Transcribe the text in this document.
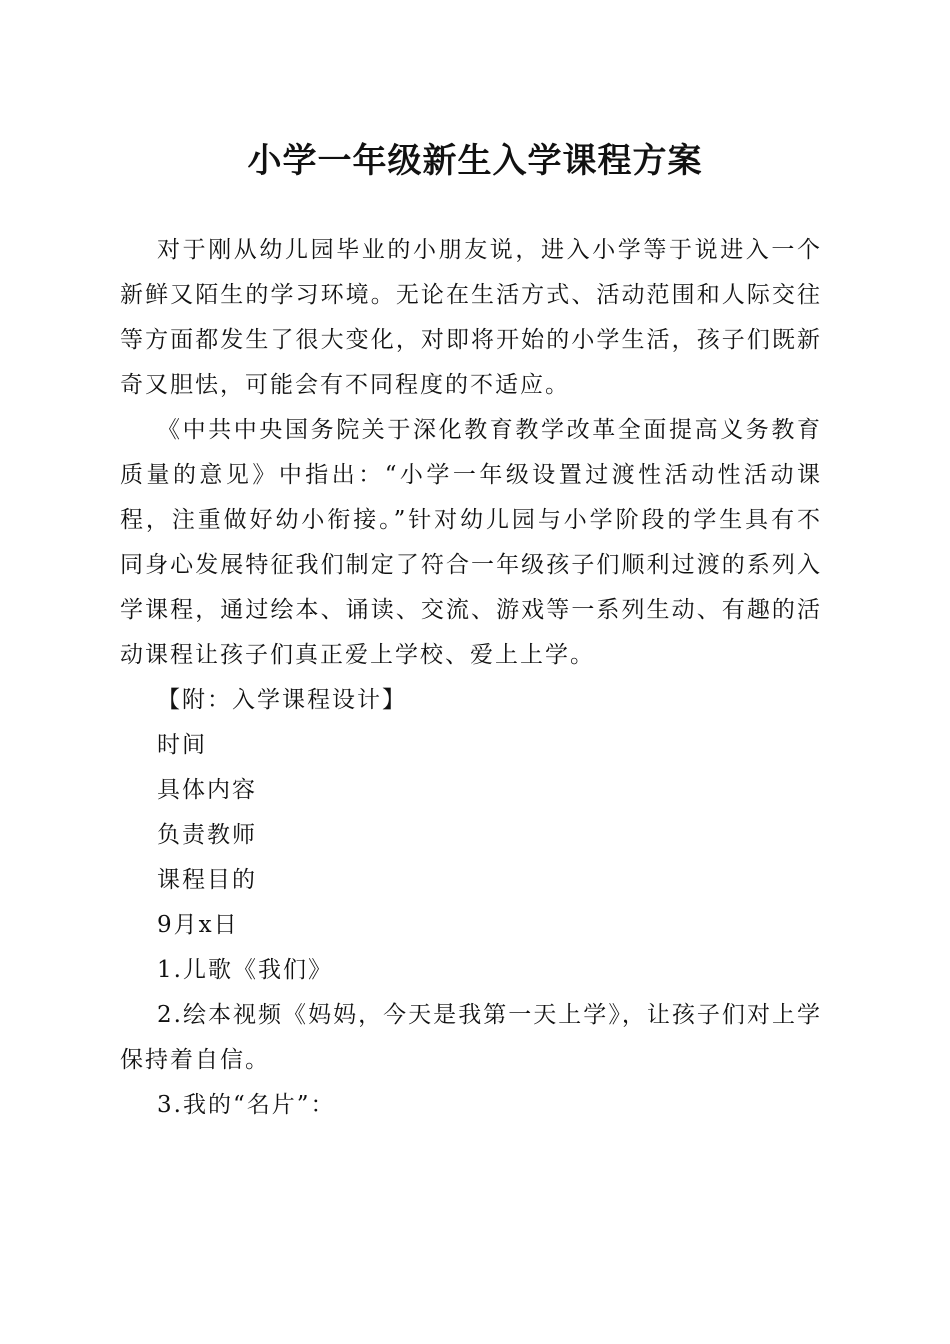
小学一年级新生入学课程方案

对于刚从幼儿园毕业的小朋友说，进入小学等于说进入一个新鲜又陌生的学习环境。无论在生活方式、活动范围和人际交往等方面都发生了很大变化，对即将开始的小学生活，孩子们既新奇又胆怯，可能会有不同程度的不适应。

《中共中央国务院关于深化教育教学改革全面提高义务教育质量的意见》中指出：“小学一年级设置过渡性活动性活动课程，注重做好幼小衔接。”针对幼儿园与小学阶段的学生具有不同身心发展特征我们制定了符合一年级孩子们顺利过渡的系列入学课程，通过绘本、诵读、交流、游戏等一系列生动、有趣的活动课程让孩子们真正爱上学校、爱上上学。

【附：入学课程设计】

时间

具体内容

负责教师

课程目的

9月x日

1.儿歌《我们》

2.绘本视频《妈妈，今天是我第一天上学》，让孩子们对上学保持着自信。

3.我的“名片”：
